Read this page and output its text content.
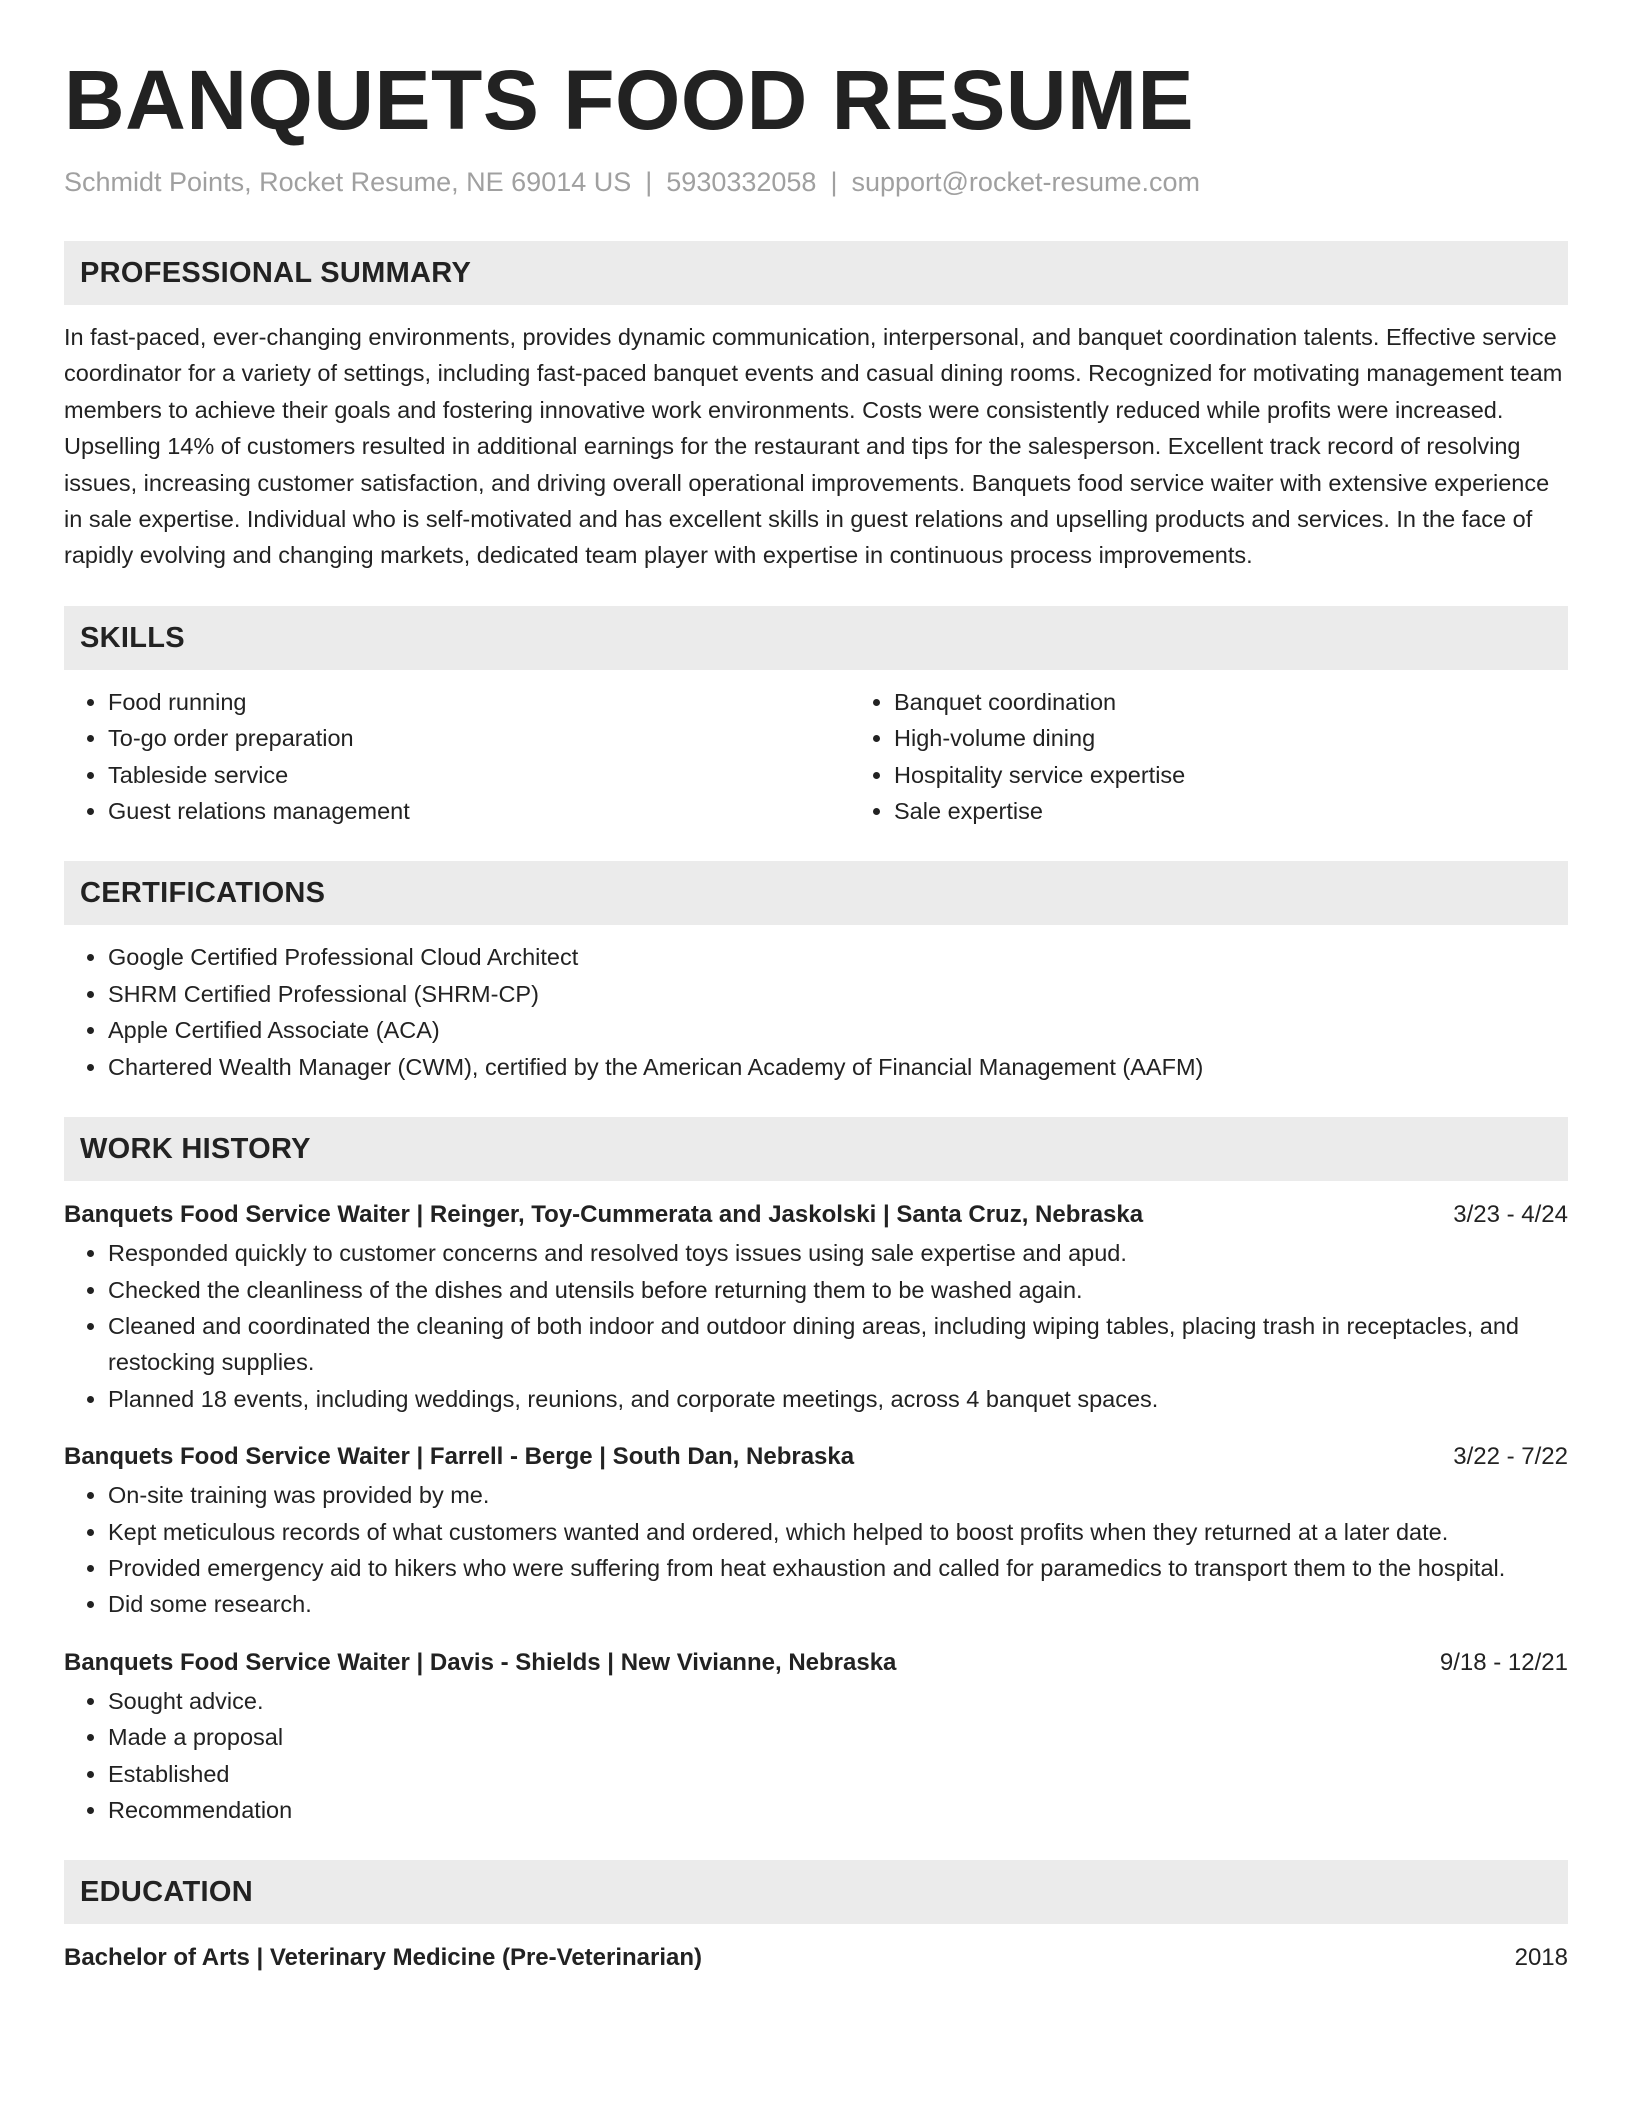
BANQUETS FOOD RESUME
Schmidt Points, Rocket Resume, NE 69014 US | 5930332058 | support@rocket-resume.com
PROFESSIONAL SUMMARY
In fast-paced, ever-changing environments, provides dynamic communication, interpersonal, and banquet coordination talents. Effective service coordinator for a variety of settings, including fast-paced banquet events and casual dining rooms. Recognized for motivating management team members to achieve their goals and fostering innovative work environments. Costs were consistently reduced while profits were increased. Upselling 14% of customers resulted in additional earnings for the restaurant and tips for the salesperson. Excellent track record of resolving issues, increasing customer satisfaction, and driving overall operational improvements. Banquets food service waiter with extensive experience in sale expertise. Individual who is self-motivated and has excellent skills in guest relations and upselling products and services. In the face of rapidly evolving and changing markets, dedicated team player with expertise in continuous process improvements.
SKILLS
• Food running
• To-go order preparation
• Tableside service
• Guest relations management
• Banquet coordination
• High-volume dining
• Hospitality service expertise
• Sale expertise
CERTIFICATIONS
• Google Certified Professional Cloud Architect
• SHRM Certified Professional (SHRM-CP)
• Apple Certified Associate (ACA)
• Chartered Wealth Manager (CWM), certified by the American Academy of Financial Management (AAFM)
WORK HISTORY
Banquets Food Service Waiter | Reinger, Toy-Cummerata and Jaskolski | Santa Cruz, Nebraska	3/23 - 4/24
• Responded quickly to customer concerns and resolved toys issues using sale expertise and apud.
• Checked the cleanliness of the dishes and utensils before returning them to be washed again.
• Cleaned and coordinated the cleaning of both indoor and outdoor dining areas, including wiping tables, placing trash in receptacles, and restocking supplies.
• Planned 18 events, including weddings, reunions, and corporate meetings, across 4 banquet spaces.
Banquets Food Service Waiter | Farrell - Berge | South Dan, Nebraska	3/22 - 7/22
• On-site training was provided by me.
• Kept meticulous records of what customers wanted and ordered, which helped to boost profits when they returned at a later date.
• Provided emergency aid to hikers who were suffering from heat exhaustion and called for paramedics to transport them to the hospital.
• Did some research.
Banquets Food Service Waiter | Davis - Shields | New Vivianne, Nebraska	9/18 - 12/21
• Sought advice.
• Made a proposal
• Established
• Recommendation
EDUCATION
Bachelor of Arts | Veterinary Medicine (Pre-Veterinarian)	2018
